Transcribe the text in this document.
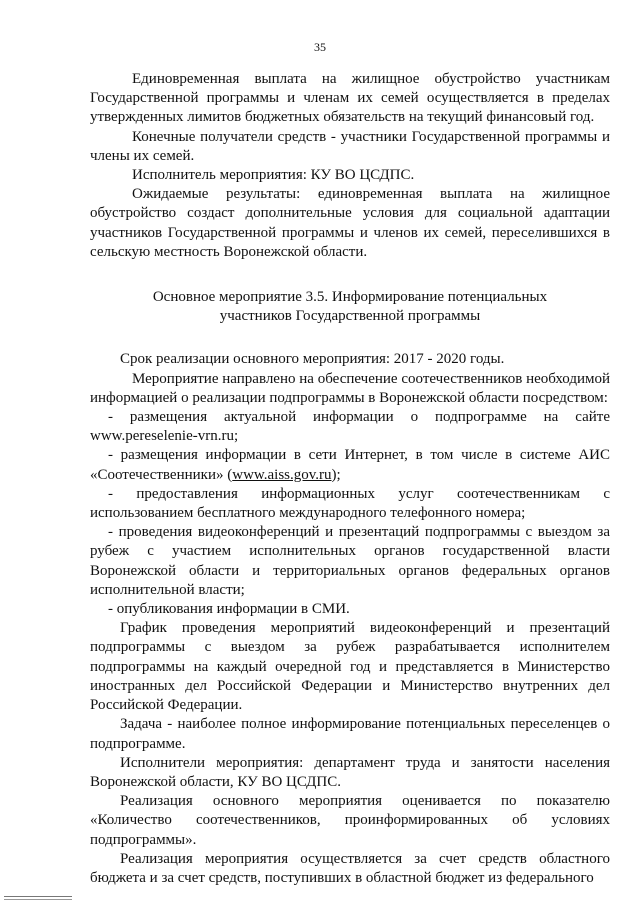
35

Единовременная выплата на жилищное обустройство участникам Государственной программы и членам их семей осуществляется в пределах утвержденных лимитов бюджетных обязательств на текущий финансовый год.

Конечные получатели средств - участники Государственной программы и члены их семей.

Исполнитель мероприятия: КУ ВО ЦСДПС.

Ожидаемые результаты: единовременная выплата на жилищное обустройство создаст дополнительные условия для социальной адаптации участников Государственной программы и членов их семей, переселившихся в сельскую местность Воронежской области.

Основное мероприятие 3.5. Информирование потенциальных
участников Государственной программы

Срок реализации основного мероприятия: 2017 - 2020 годы.

Мероприятие направлено на обеспечение соотечественников необходимой информацией о реализации подпрограммы в Воронежской области посредством:

- размещения актуальной информации о подпрограмме на сайте www.pereselenie-vrn.ru;

- размещения информации в сети Интернет, в том числе в системе АИС «Соотечественники» (www.aiss.gov.ru);

- предоставления информационных услуг соотечественникам с использованием бесплатного международного телефонного номера;

- проведения видеоконференций и презентаций подпрограммы с выездом за рубеж с участием исполнительных органов государственной власти Воронежской области и территориальных органов федеральных органов исполнительной власти;

- опубликования информации в СМИ.

График проведения мероприятий видеоконференций и презентаций подпрограммы с выездом за рубеж разрабатывается исполнителем подпрограммы на каждый очередной год и представляется в Министерство иностранных дел Российской Федерации и Министерство внутренних дел Российской Федерации.

Задача - наиболее полное информирование потенциальных переселенцев о подпрограмме.

Исполнители мероприятия: департамент труда и занятости населения Воронежской области, КУ ВО ЦСДПС.

Реализация основного мероприятия оценивается по показателю «Количество соотечественников, проинформированных об условиях подпрограммы».

Реализация мероприятия осуществляется за счет средств областного бюджета и за счет средств, поступивших в областной бюджет из федерального
